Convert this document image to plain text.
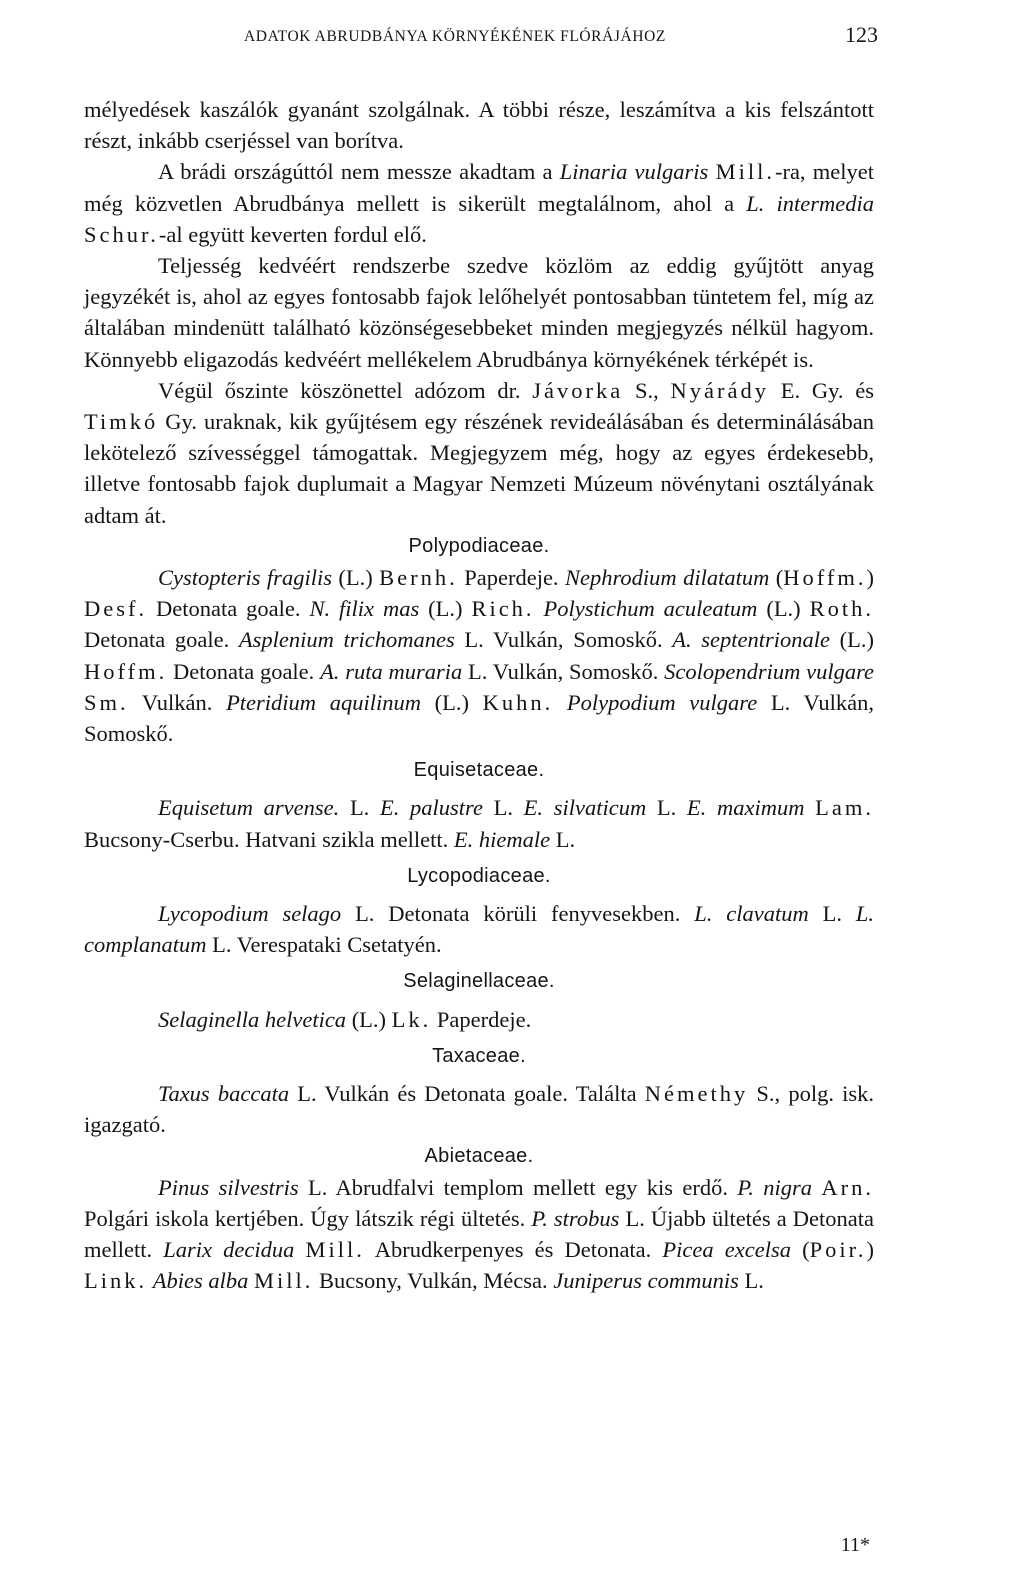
ADATOK ABRUDBÁNYA KÖRNYÉKÉNEK FLÓRÁJÁHOZ	123

mélyedések kaszálók gyanánt szolgálnak. A többi része, leszámítva a kis felszántott részt, inkább cserjéssel van borítva.

A brádi országúttól nem messze akadtam a Linaria vulgaris Mill.-ra, melyet még közvetlen Abrudbánya mellett is sikerült megtalálnom, ahol a L. intermedia Schur.-al együtt keverten fordul elő.

Teljesség kedvéért rendszerbe szedve közlöm az eddig gyűjtött anyag jegyzékét is, ahol az egyes fontosabb fajok lelőhelyét pontosabban tüntetem fel, míg az általában mindenütt található közönségesebbeket minden megjegyzés nélkül hagyom. Könnyebb eligazodás kedvéért mellékelem Abrudbánya környékének térképét is.

Végül őszinte köszönettel adózom dr. Jávorka S., Nyárády E. Gy. és Timkó Gy. uraknak, kik gyűjtésem egy részének revideálásában és determinálásában lekötelező szívességgel támogattak. Megjegyzem még, hogy az egyes érdekesebb, illetve fontosabb fajok duplumait a Magyar Nemzeti Múzeum növénytani osztályának adtam át.

Polypodiaceae.

Cystopteris fragilis (L.) Bernh. Paperdeje. Nephrodium dilatatum (Hoffm.) Desf. Detonata goale. N. filix mas (L.) Rich. Polystichum aculeatum (L.) Roth. Detonata goale. Asplenium trichomanes L. Vulkán, Somoskő. A. septentrionale (L.) Hoffm. Detonata goale. A. ruta muraria L. Vulkán, Somoskő. Scolopendrium vulgare Sm. Vulkán. Pteridium aquilinum (L.) Kuhn. Polypodium vulgare L. Vulkán, Somoskő.

Equisetaceae.

Equisetum arvense. L. E. palustre L. E. silvaticum L. E. maximum Lam. Bucsony-Cserbu. Hatvani szikla mellett. E. hiemale L.

Lycopodiaceae.

Lycopodium selago L. Detonata körüli fenyvesekben. L. clavatum L. L. complanatum L. Verespataki Csetatyén.

Selaginellaceae.

Selaginella helvetica (L.) Lk. Paperdeje.

Taxaceae.

Taxus baccata L. Vulkán és Detonata goale. Találta Némethy S., polg. isk. igazgató.

Abietaceae.

Pinus silvestris L. Abrudfalvi templom mellett egy kis erdő. P. nigra Arn. Polgári iskola kertjében. Úgy látszik régi ültetés. P. strobus L. Újabb ültetés a Detonata mellett. Larix decidua Mill. Abrudkerpenyes és Detonata. Picea excelsa (Poir.) Link. Abies alba Mill. Bucsony, Vulkán, Mécsa. Juniperus communis L.

11*
